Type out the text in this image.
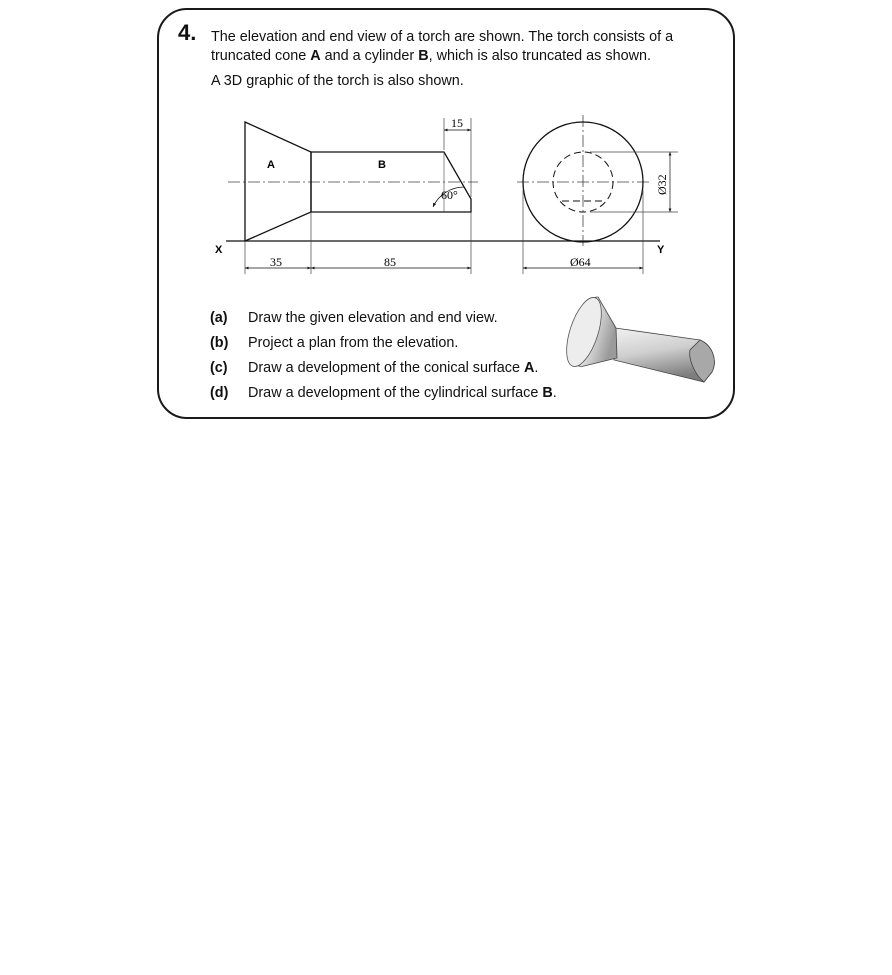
4. The elevation and end view of a torch are shown. The torch consists of a truncated cone A and a cylinder B, which is also truncated as shown.
A 3D graphic of the torch is also shown.
X	Y
A	B
15
60°
35	85	Ø64
Ø32
(a)	Draw the given elevation and end view.
(b)	Project a plan from the elevation.
(c)	Draw a development of the conical surface A.
(d)	Draw a development of the cylindrical surface B.
